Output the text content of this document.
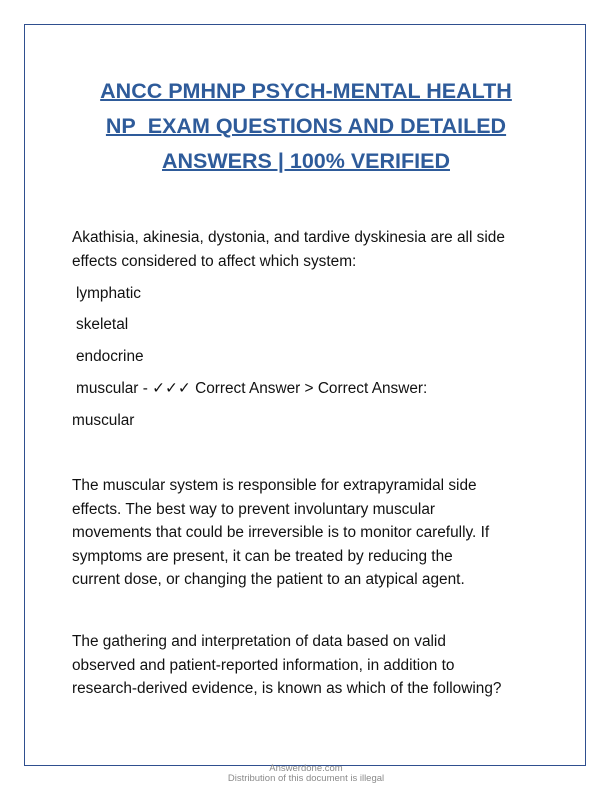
ANCC PMHNP PSYCH-MENTAL HEALTH
NP_EXAM QUESTIONS AND DETAILED
ANSWERS | 100% VERIFIED
Akathisia, akinesia, dystonia, and tardive dyskinesia are all side
effects considered to affect which system:
lymphatic
skeletal
endocrine
muscular - ✓✓✓ Correct Answer > Correct Answer:
muscular
The muscular system is responsible for extrapyramidal side
effects. The best way to prevent involuntary muscular
movements that could be irreversible is to monitor carefully. If
symptoms are present, it can be treated by reducing the
current dose, or changing the patient to an atypical agent.
The gathering and interpretation of data based on valid
observed and patient-reported information, in addition to
research-derived evidence, is known as which of the following?
Answerdone.com
Distribution of this document is illegal
